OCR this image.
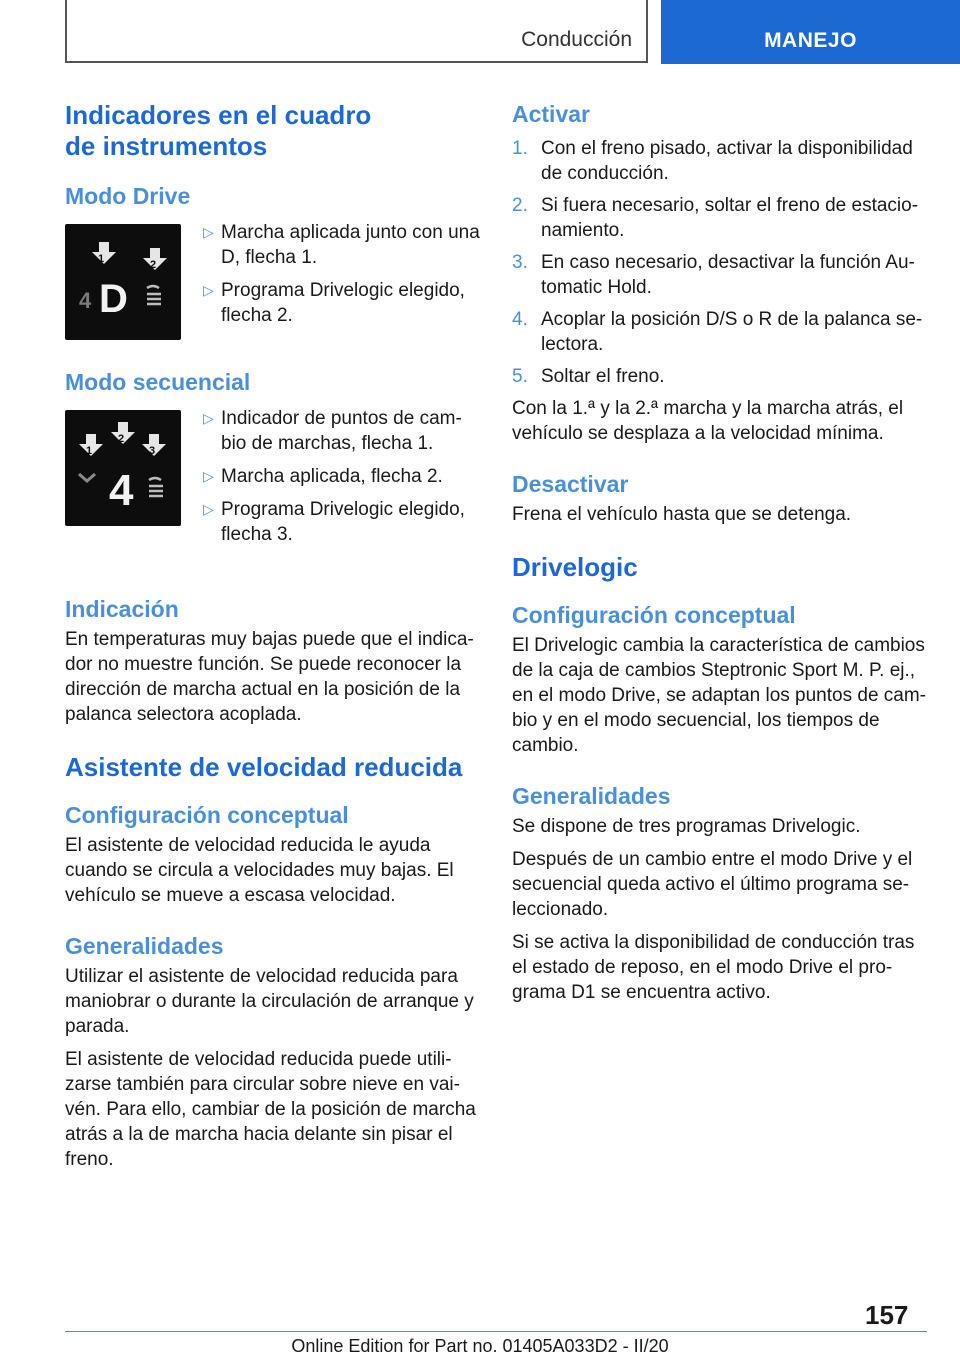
Conducción	MANEJO
Indicadores en el cuadro
de instrumentos
Modo Drive
1	2
4 D
▷ Marcha aplicada junto con una D, flecha 1.
▷ Programa Drivelogic elegido, flecha 2.
Modo secuencial
1
2
3
4
▷ Indicador de puntos de cam-bio de marchas, flecha 1.
▷ Marcha aplicada, flecha 2.
▷ Programa Drivelogic elegido, flecha 3.
Indicación

En temperaturas muy bajas puede que el indica-dor no muestre función. Se puede reconocer la dirección de marcha actual en la posición de la palanca selectora acoplada.

Asistente de velocidad reducida
Configuración conceptual

El asistente de velocidad reducida le ayuda cuando se circula a velocidades muy bajas. El vehículo se mueve a escasa velocidad.

Generalidades

Utilizar el asistente de velocidad reducida para maniobrar o durante la circulación de arranque y parada.

El asistente de velocidad reducida puede utili-zarse también para circular sobre nieve en vai-vén. Para ello, cambiar de la posición de marcha atrás a la de marcha hacia delante sin pisar el freno.

Activar
1. Con el freno pisado, activar la disponibilidad de conducción.
2. Si fuera necesario, soltar el freno de estacio-namiento.
3. En caso necesario, desactivar la función Au-tomatic Hold.
4. Acoplar la posición D/S o R de la palanca se-lectora.
5. Soltar el freno.

Con la 1.ª y la 2.ª marcha y la marcha atrás, el vehículo se desplaza a la velocidad mínima.

Desactivar

Frena el vehículo hasta que se detenga.

Drivelogic
Configuración conceptual

El Drivelogic cambia la característica de cambios de la caja de cambios Steptronic Sport M. P. ej., en el modo Drive, se adaptan los puntos de cam-bio y en el modo secuencial, los tiempos de cambio.

Generalidades

Se dispone de tres programas Drivelogic.

Después de un cambio entre el modo Drive y el secuencial queda activo el último programa se-leccionado.

Si se activa la disponibilidad de conducción tras el estado de reposo, en el modo Drive el pro-grama D1 se encuentra activo.

157
Online Edition for Part no. 01405A033D2 - II/20
